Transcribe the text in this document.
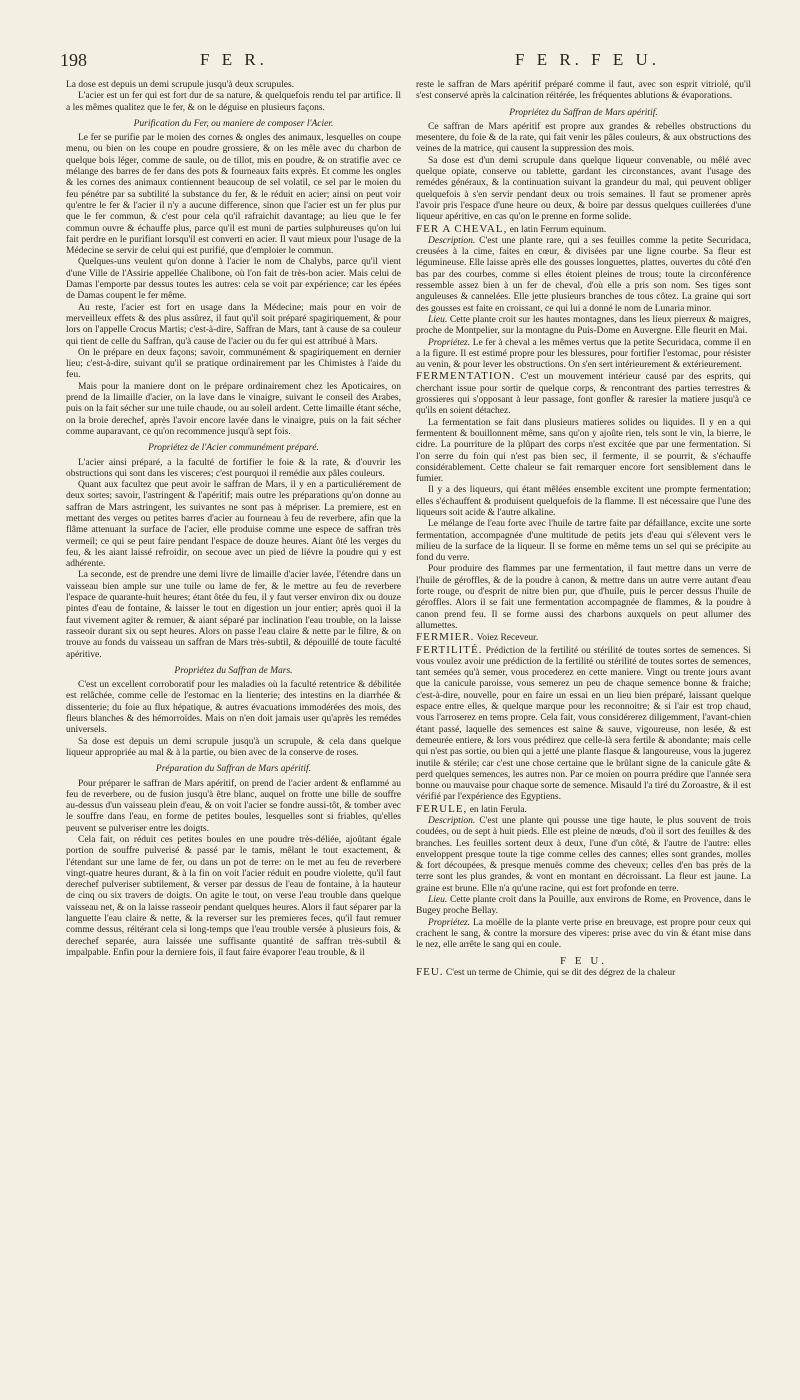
198	F E R.	F E R. F E U.

La dose est depuis un demi scrupule jusqu'à deux scrupules.

L'acier est un fer qui est fort dur de sa nature, & quelquefois rendu tel par artifice. Il a les mêmes qualitez que le fer, & on le déguise en plusieurs façons.

Purification du Fer, ou maniere de composer l'Acier.

Le fer se purifie par le moien des cornes & ongles des animaux, lesquelles on coupe menu, ou bien on les coupe en poudre grossiere, & on les mêle avec du charbon de quelque bois léger, comme de saule, ou de tillot, mis en poudre, & on stratifie avec ce mélange des barres de fer dans des pots & fourneaux faits exprès. Et comme les ongles & les cornes des animaux contiennent beaucoup de sel volatil, ce sel par le moien du feu pénétre par sa subtilité la substance du fer, & le réduit en acier; ainsi on peut voir qu'entre le fer & l'acier il n'y a aucune difference, sinon que l'acier est un fer plus pur que le fer commun, & c'est pour cela qu'il rafraichit davantage; au lieu que le fer commun ouvre & échauffe plus, parce qu'il est muni de parties sulphureuses qu'on lui fait perdre en le purifiant lorsqu'il est converti en acier. Il vaut mieux pour l'usage de la Médecine se servir de celui qui est purifié, que d'emploier le commun.

Quelques-uns veulent qu'on donne à l'acier le nom de Chalybs, parce qu'il vient d'une Ville de l'Assirie appellée Chalibone, où l'on fait de très-bon acier. Mais celui de Damas l'emporte par dessus toutes les autres: cela se voit par expérience; car les épées de Damas coupent le fer même.

Au reste, l'acier est fort en usage dans la Médecine; mais pour en voir de merveilleux effets & des plus assûrez, il faut qu'il soit préparé spagiriquement, & pour lors on l'appelle Crocus Martis; c'est-à-dire, Saffran de Mars, tant à cause de sa couleur qui tient de celle du Saffran, qu'à cause de l'acier ou du fer qui est attribué à Mars.

On le prépare en deux façons; savoir, communément & spagiriquement en dernier lieu; c'est-à-dire, suivant qu'il se pratique ordinairement par les Chimistes à l'aide du feu.

Mais pour la maniere dont on le prépare ordinairement chez les Apoticaires, on prend de la limaille d'acier, on la lave dans le vinaigre, suivant le conseil des Arabes, puis on la fait sécher sur une tuile chaude, ou au soleil ardent. Cette limaille étant séche, on la broie derechef, après l'avoir encore lavée dans le vinaigre, puis on la fait sécher comme auparavant, ce qu'on recommence jusqu'à sept fois.

Propriétez de l'Acier communément préparé.

L'acier ainsi préparé, a la faculté de fortifier le foie & la rate, & d'ouvrir les obstructions qui sont dans les visceres; c'est pourquoi il remédie aux pâles couleurs.

Quant aux facultez que peut avoir le saffran de Mars, il y en a particuliérement de deux sortes; savoir, l'astringent & l'apéritif; mais outre les préparations qu'on donne au saffran de Mars astringent, les suivantes ne sont pas à mépriser. La premiere, est en mettant des verges ou petites barres d'acier au fourneau à feu de reverbere, afin que la flâme attenuant la surface de l'acier, elle produise comme une espece de saffran très vermeil; ce qui se peut faire pendant l'espace de douze heures. Aiant ôté les verges du feu, & les aiant laissé refroidir, on secoue avec un pied de liévre la poudre qui y est adhérente.

La seconde, est de prendre une demi livre de limaille d'acier lavée, l'étendre dans un vaisseau bien ample sur une tuile ou lame de fer, & le mettre au feu de reverbere l'espace de quarante-huit heures; étant ôtée du feu, il y faut verser environ dix ou douze pintes d'eau de fontaine, & laisser le tout en digestion un jour entier; après quoi il la faut vivement agiter & remuer, & aiant séparé par inclination l'eau trouble, on la laisse rasseoir durant six ou sept heures. Alors on passe l'eau claire & nette par le filtre, & on trouve au fonds du vaisseau un saffran de Mars très-subtil, & dépouillé de toute faculté apéritive.

Propriétez du Saffran de Mars.

C'est un excellent corroboratif pour les maladies où la faculté retentrice & débilitée est relâchée, comme celle de l'estomac en la lienterie; des intestins en la diarrhée & dissenterie; du foie au flux hépatique, & autres évacuations immodérées des mois, des fleurs blanches & des hémorroïdes. Mais on n'en doit jamais user qu'après les remédes universels.

Sa dose est depuis un demi scrupule jusqu'à un scrupule, & cela dans quelque liqueur appropriée au mal & à la partie, ou bien avec de la conserve de roses.

Préparation du Saffran de Mars apéritif.

Pour préparer le saffran de Mars apéritif, on prend de l'acier ardent & enflammé au feu de reverbere, ou de fusion jusqu'à être blanc, auquel on frotte une bille de souffre au-dessus d'un vaisseau plein d'eau, & on voit l'acier se fondre aussi-tôt, & tomber avec le souffre dans l'eau, en forme de petites boules, lesquelles sont si friables, qu'elles peuvent se pulveriser entre les doigts.

Cela fait, on réduit ces petites boules en une poudre très-déliée, ajoûtant égale portion de souffre pulverisé & passé par le tamis, mêlant le tout exactement, & l'étendant sur une lame de fer, ou dans un pot de terre: on le met au feu de reverbere vingt-quatre heures durant, & à la fin on voit l'acier réduit en poudre violette, qu'il faut derechef pulveriser subtilement, & verser par dessus de l'eau de fontaine, à la hauteur de cinq ou six travers de doigts. On agite le tout, on verse l'eau trouble dans quelque vaisseau net, & on la laisse rasseoir pendant quelques heures. Alors il faut séparer par la languette l'eau claire & nette, & la reverser sur les premieres feces, qu'il faut remuer comme dessus, réitérant cela si long-temps que l'eau trouble versée à plusieurs fois, & derechef separée, aura laissée une suffisante quantité de saffran très-subtil & impalpable. Enfin pour la derniere fois, il faut faire évaporer l'eau trouble, & il

reste le saffran de Mars apéritif préparé comme il faut, avec son esprit vitriolé, qu'il s'est conservé après la calcination réitérée, les fréquentes ablutions & évaporations.

Propriétez du Saffran de Mars apéritif.

Ce saffran de Mars apéritif est propre aux grandes & rebelles obstructions du mesentere, du foie & de la rate, qui fait venir les pâles couleurs, & aux obstructions des veines de la matrice, qui causent la suppression des mois.

Sa dose est d'un demi scrupule dans quelque liqueur convenable, ou mêlé avec quelque opiate, conserve ou tablette, gardant les circonstances, avant l'usage des remédes généraux, & la continuation suivant la grandeur du mal, qui peuvent obliger quelquefois à s'en servir pendant deux ou trois semaines. Il faut se promener après l'avoir pris l'espace d'une heure ou deux, & boire par dessus quelques cuillerées d'une liqueur apéritive, en cas qu'on le prenne en forme solide.

FER A CHEVAL, en latin Ferrum equinum.

Description. C'est une plante rare, qui a ses feuilles comme la petite Securidaca, creusées à la cime, faites en cœur, & divisées par une ligne courbe. Sa fleur est légumineuse. Elle laisse après elle des gousses longuettes, plattes, ouvertes du côté d'en bas par des courbes, comme si elles étoient pleines de trous; toute la circonférence ressemble assez bien à un fer de cheval, d'où elle a pris son nom. Ses tiges sont anguleuses & cannelées. Elle jette plusieurs branches de tous côtez. La graine qui sort des gousses est faite en croissant, ce qui lui a donné le nom de Lunaria minor.

Lieu. Cette plante croit sur les hautes montagnes, dans les lieux pierreux & maigres, proche de Montpelier, sur la montagne du Puis-Dome en Auvergne. Elle fleurit en Mai.

Propriétez. Le fer à cheval a les mêmes vertus que la petite Securidaca, comme il en a la figure. Il est estimé propre pour les blessures, pour fortifier l'estomac, pour résister au venin, & pour lever les obstructions. On s'en sert intérieurement & extérieurement.

FERMENTATION. C'est un mouvement intérieur causé par des esprits, qui cherchant issue pour sortir de quelque corps, & rencontrant des parties terrestres & grossieres qui s'opposant à leur passage, font gonfler & raresier la matiere jusqu'à ce qu'ils en soient détachez.

La fermentation se fait dans plusieurs matieres solides ou liquides. Il y en a qui fermentent & bouillonnent même, sans qu'on y ajoûte rien, tels sont le vin, la bierre, le cidre. La pourriture de la plûpart des corps n'est excitée que par une fermentation. Si l'on serre du foin qui n'est pas bien sec, il fermente, il se pourrit, & s'échauffe considérablement. Cette chaleur se fait remarquer encore fort sensiblement dans le fumier.

Il y a des liqueurs, qui étant mêlées ensemble excitent une prompte fermentation; elles s'échauffent & produisent quelquefois de la flamme. Il est nécessaire que l'une des liqueurs soit acide & l'autre alkaline.

Le mélange de l'eau forte avec l'huile de tartre faite par défaillance, excite une sorte fermentation, accompagnée d'une multitude de petits jets d'eau qui s'élevent vers le milieu de la surface de la liqueur. Il se forme en même tems un sel qui se précipite au fond du verre.

Pour produire des flammes par une fermentation, il faut mettre dans un verre de l'huile de géroffles, & de la poudre à canon, & mettre dans un autre verre autant d'eau forte rouge, ou d'esprit de nitre bien pur, que d'huile, puis le percer dessus l'huile de géroffles. Alors il se fait une fermentation accompagnée de flammes, & la poudre à canon prend feu. Il se forme aussi des charbons auxquels on peut allumer des allumettes.

FERMIER. Voiez Receveur.

FERTILITÉ. Prédiction de la fertilité ou stérilité de toutes sortes de semences. Si vous voulez avoir une prédiction de la fertilité ou stérilité de toutes sortes de semences, tant semées qu'à semer, vous procederez en cette maniere. Vingt ou trente jours avant que la canicule paroisse, vous semerez un peu de chaque semence bonne & fraiche; c'est-à-dire, nouvelle, pour en faire un essai en un lieu bien préparé, laissant quelque espace entre elles, & quelque marque pour les reconnoitre; & si l'air est trop chaud, vous l'arroserez en tems propre. Cela fait, vous considérerez diligemment, l'avant-chien étant passé, laquelle des semences est saine & sauve, vigoureuse, non lesée, & est demeurée entiere, & lors vous prédirez que celle-là sera fertile & abondante; mais celle qui n'est pas sortie, ou bien qui a jetté une plante flasque & langoureuse, vous la jugerez inutile & stérile; car c'est une chose certaine que le brûlant signe de la canicule gâte & perd quelques semences, les autres non. Par ce moien on pourra prédire que l'année sera bonne ou mauvaise pour chaque sorte de semence. Misauld l'a tiré du Zoroastre, & il est vérifié par l'expérience des Egyptiens.

FERULE, en latin Ferula.

Description. C'est une plante qui pousse une tige haute, le plus souvent de trois coudées, ou de sept à huit pieds. Elle est pleine de nœuds, d'où il sort des feuilles & des branches. Les feuilles sortent deux à deux, l'une d'un côté, & l'autre de l'autre: elles enveloppent presque toute la tige comme celles des cannes; elles sont grandes, molles & fort découpées, & presque menuës comme des cheveux; celles d'en bas près de la terre sont les plus grandes, & vont en montant en décroissant. La fleur est jaune. La graine est brune. Elle n'a qu'une racine, qui est fort profonde en terre.

Lieu. Cette plante croit dans la Pouille, aux environs de Rome, en Provence, dans le Bugey proche Bellay.

Propriétez. La moëlle de la plante verte prise en breuvage, est propre pour ceux qui crachent le sang, & contre la morsure des viperes: prise avec du vin & étant mise dans le nez, elle arrête le sang qui en coule.

F E U.

FEU. C'est un terme de Chimie, qui se dit des dégrez de la chaleur
